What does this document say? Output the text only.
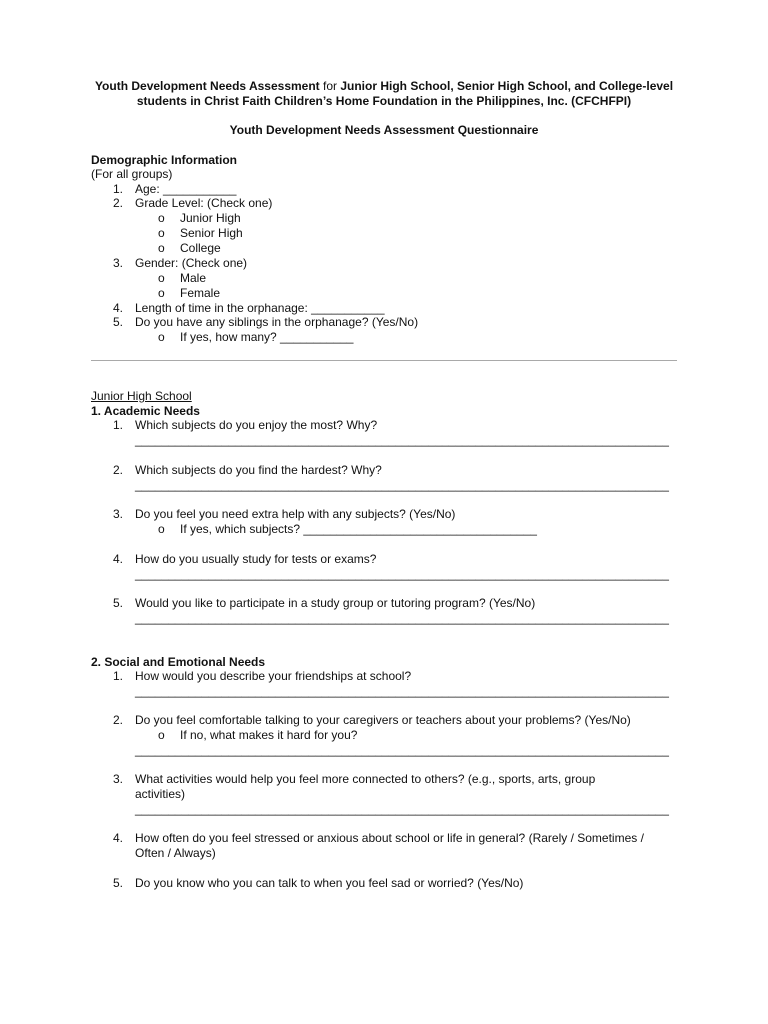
Youth Development Needs Assessment for Junior High School, Senior High School, and College-level
students in Christ Faith Children’s Home Foundation in the Philippines, Inc. (CFCHFPI)
Youth Development Needs Assessment Questionnaire
Demographic Information
(For all groups)
1. Age: ___________
2. Grade Level: (Check one)
o Junior High
o Senior High
o College
3. Gender: (Check one)
o Male
o Female
4. Length of time in the orphanage: ___________
5. Do you have any siblings in the orphanage? (Yes/No)
o If yes, how many? ___________
Junior High School
1. Academic Needs
1. Which subjects do you enjoy the most? Why?
________________________________________________________________________________
2. Which subjects do you find the hardest? Why?
________________________________________________________________________________
3. Do you feel you need extra help with any subjects? (Yes/No)
o If yes, which subjects? ___________________________________
4. How do you usually study for tests or exams?
________________________________________________________________________________
5. Would you like to participate in a study group or tutoring program? (Yes/No)
________________________________________________________________________________
2. Social and Emotional Needs
1. How would you describe your friendships at school?
________________________________________________________________________________
2. Do you feel comfortable talking to your caregivers or teachers about your problems? (Yes/No)
o If no, what makes it hard for you?
________________________________________________________________________________
3. What activities would help you feel more connected to others? (e.g., sports, arts, group
activities)
________________________________________________________________________________
4. How often do you feel stressed or anxious about school or life in general? (Rarely / Sometimes /
Often / Always)
5. Do you know who you can talk to when you feel sad or worried? (Yes/No)
